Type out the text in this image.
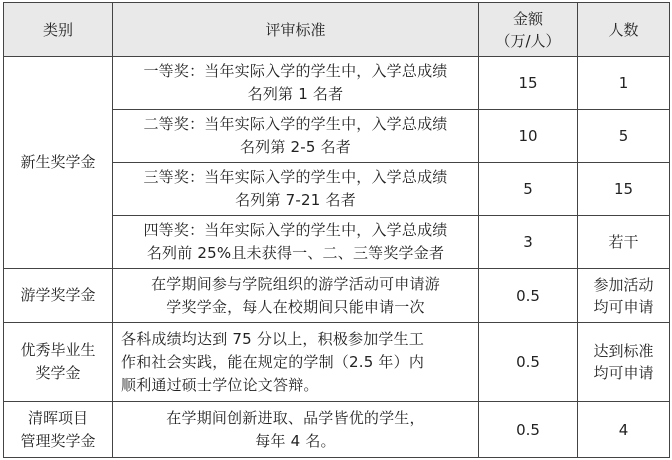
类别	评审标准	金额
（万/人）	人数
新生奖学金	一等奖：当年实际入学的学生中，入学总成绩
名列第 1 名者	15	1

	二等奖：当年实际入学的学生中，入学总成绩
名列第 2-5 名者	10	5

	三等奖：当年实际入学的学生中，入学总成绩
名列第 7-21 名者	5	15

	四等奖：当年实际入学的学生中，入学总成绩
名列前 25%且未获得一、二、三等奖学金者	3	若干
游学奖学金	在学期间参与学院组织的游学活动可申请游
学奖学金，每人在校期间只能申请一次	0.5	参加活动
均可申请

优秀毕业生
奖学金	各科成绩均达到 75 分以上，积极参加学生工
作和社会实践，能在规定的学制（2.5 年）内
顺利通过硕士学位论文答辩。	0.5	达到标准
均可申请

清晖项目
管理奖学金	在学期间创新进取、品学皆优的学生，
每年 4 名。	0.5	4
